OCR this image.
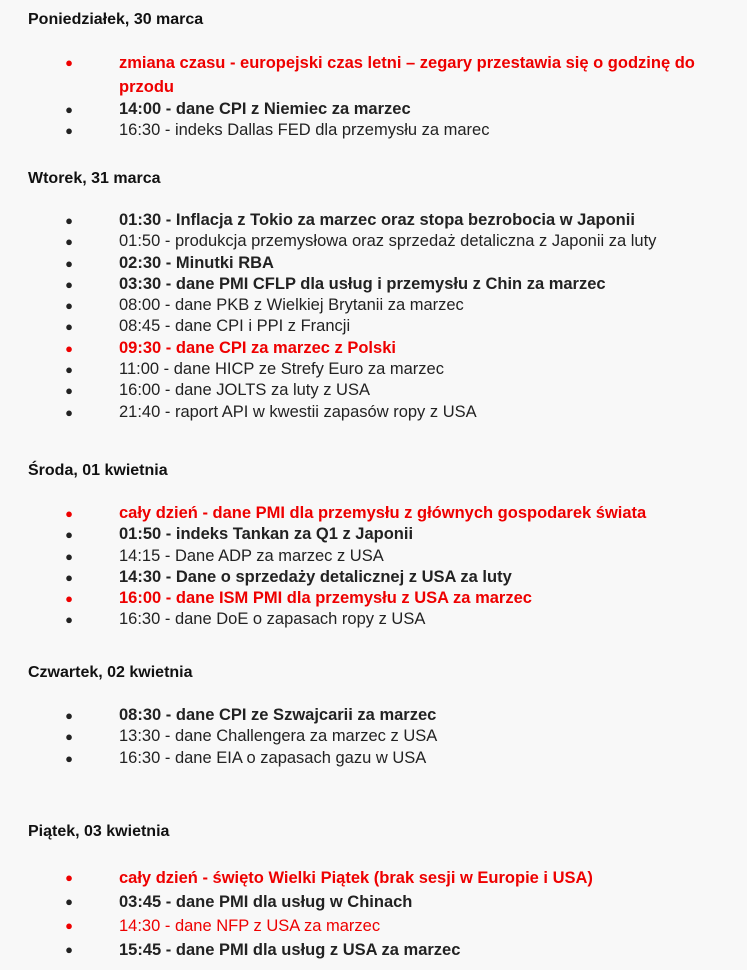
Poniedziałek, 30 marca
●	zmiana czasu - europejski czas letni – zegary przestawia się o godzinę do przodu
●	14:00 - dane CPI z Niemiec za marzec
●	16:30 - indeks Dallas FED dla przemysłu za marec
Wtorek, 31 marca
●	01:30 - Inflacja z Tokio za marzec oraz stopa bezrobocia w Japonii
●	01:50 - produkcja przemysłowa oraz sprzedaż detaliczna z Japonii za luty
●	02:30 - Minutki RBA
●	03:30 - dane PMI CFLP dla usług i przemysłu z Chin za marzec
●	08:00 - dane PKB z Wielkiej Brytanii za marzec
●	08:45 - dane CPI i PPI z Francji
●	09:30 - dane CPI za marzec z Polski
●	11:00 - dane HICP ze Strefy Euro za marzec
●	16:00 - dane JOLTS za luty z USA
●	21:40 - raport API w kwestii zapasów ropy z USA
Środa, 01 kwietnia
●	cały dzień - dane PMI dla przemysłu z głównych gospodarek świata
●	01:50 - indeks Tankan za Q1 z Japonii
●	14:15 - Dane ADP za marzec z USA
●	14:30 - Dane o sprzedaży detalicznej z USA za luty
●	16:00 - dane ISM PMI dla przemysłu z USA za marzec
●	16:30 - dane DoE o zapasach ropy z USA
Czwartek, 02 kwietnia
●	08:30 - dane CPI ze Szwajcarii za marzec
●	13:30 - dane Challengera za marzec z USA
●	16:30 - dane EIA o zapasach gazu w USA
Piątek, 03 kwietnia
●	cały dzień - święto Wielki Piątek (brak sesji w Europie i USA)
●	03:45 - dane PMI dla usług w Chinach
●	14:30 - dane NFP z USA za marzec
●	15:45 - dane PMI dla usług z USA za marzec
